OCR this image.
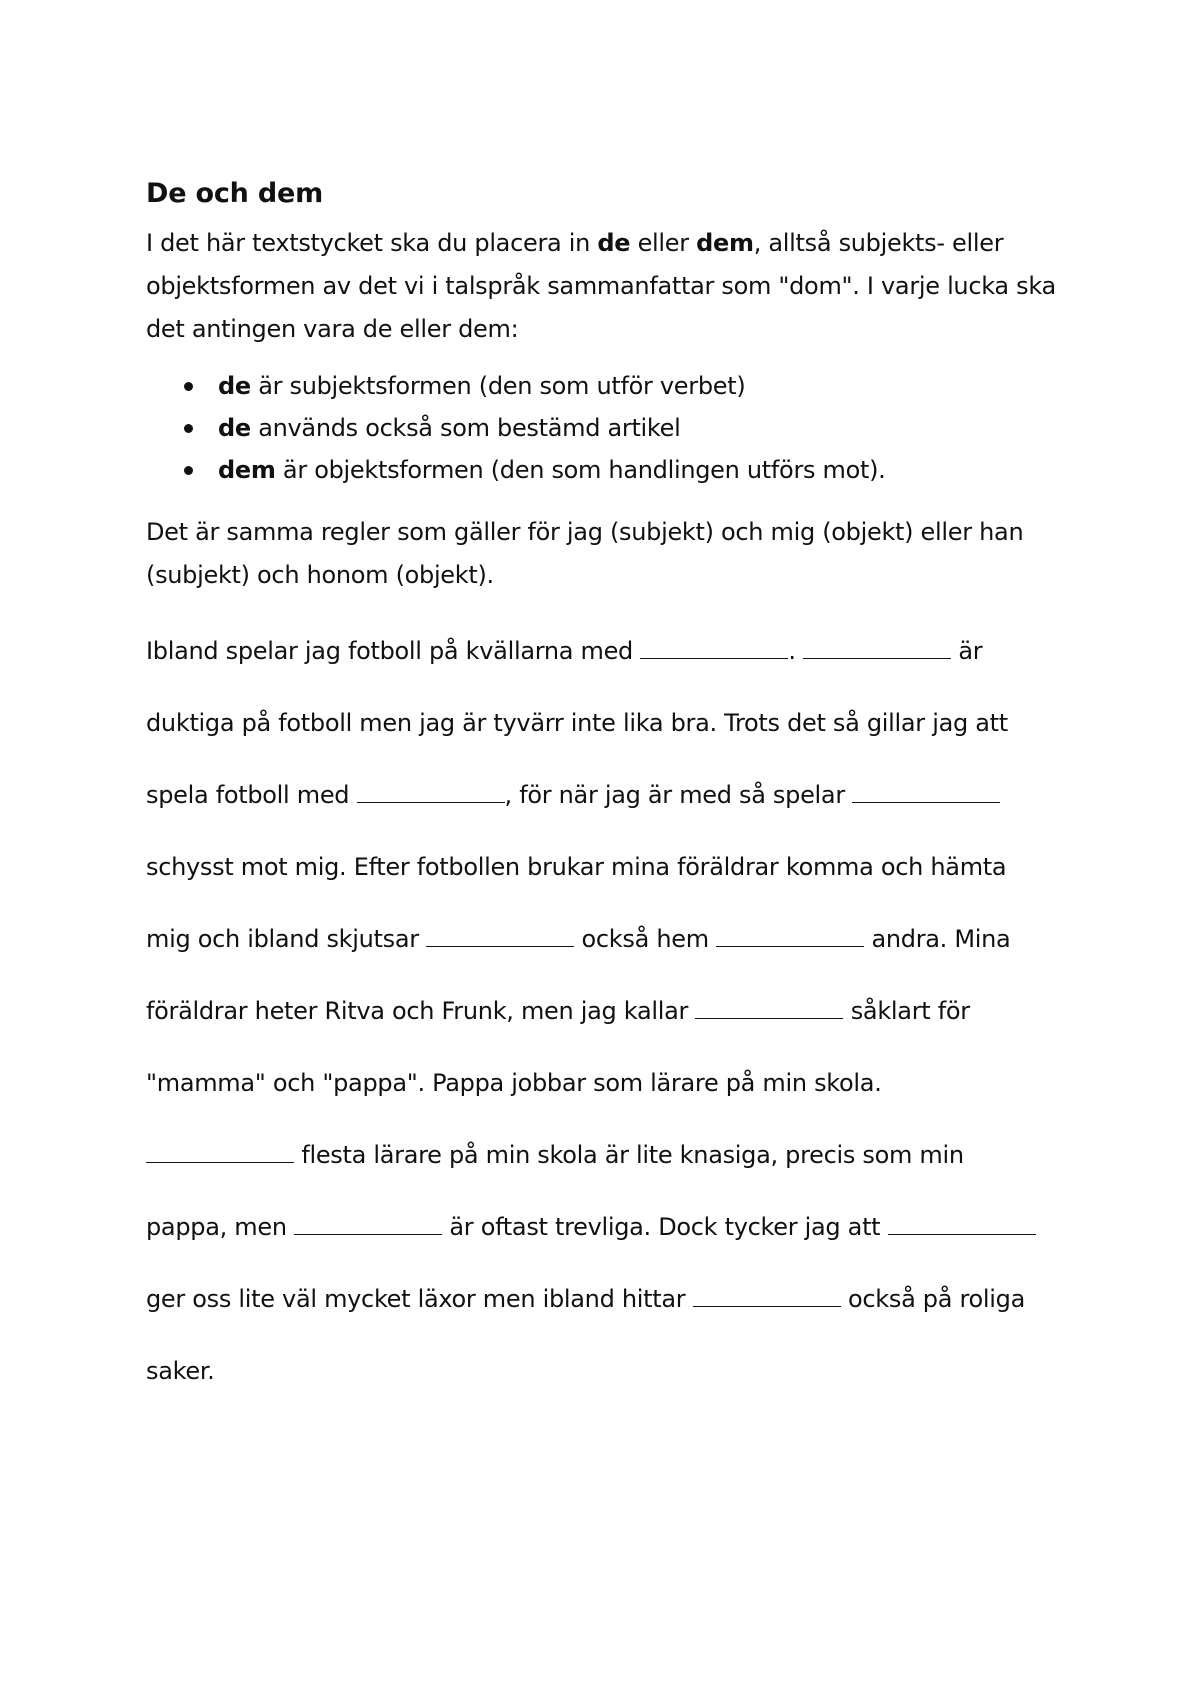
De och dem

I det här textstycket ska du placera in de eller dem, alltså subjekts- eller objektsformen av det vi i talspråk sammanfattar som "dom". I varje lucka ska det antingen vara de eller dem:

de är subjektsformen (den som utför verbet)
de används också som bestämd artikel
dem är objektsformen (den som handlingen utförs mot).

Det är samma regler som gäller för jag (subjekt) och mig (objekt) eller han (subjekt) och honom (objekt).

Ibland spelar jag fotboll på kvällarna med	.	är
duktiga på fotboll men jag är tyvärr inte lika bra. Trots det så gillar jag att
spela fotboll med	, för när jag är med så spelar
schysst mot mig. Efter fotbollen brukar mina föräldrar komma och hämta
mig och ibland skjutsar	också hem	andra. Mina
föräldrar heter Ritva och Frunk, men jag kallar	såklart för
"mamma" och "pappa". Pappa jobbar som lärare på min skola.
flesta lärare på min skola är lite knasiga, precis som min
pappa, men	är oftast trevliga. Dock tycker jag att
ger oss lite väl mycket läxor men ibland hittar	också på roliga
saker.
